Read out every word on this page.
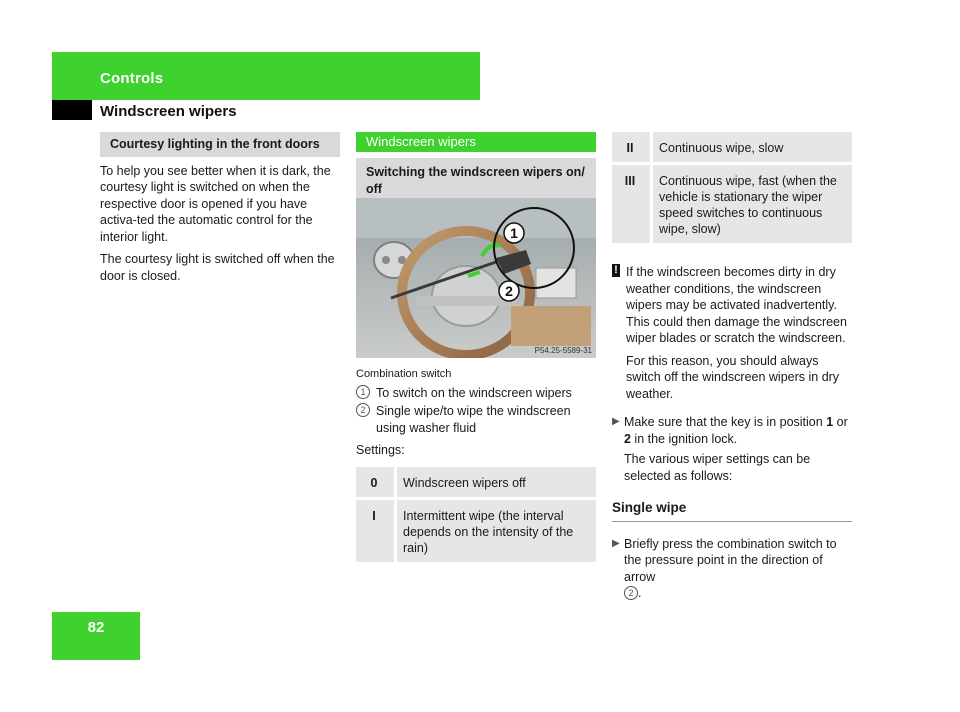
Controls
Windscreen wipers
Courtesy lighting in the front doors

To help you see better when it is dark, the courtesy light is switched on when the respective door is opened if you have activa-ted the automatic control for the interior light.

The courtesy light is switched off when the door is closed.

Windscreen wipers
Switching the windscreen wipers on/ off
1
2
P54.25-5589-31
Combination switch
1 To switch on the windscreen wipers
2 Single wipe/to wipe the windscreen using washer fluid
Settings:
0	Windscreen wipers off
I	Intermittent wipe (the interval depends on the intensity of the rain)
II	Continuous wipe, slow
III	Continuous wipe, fast (when the vehicle is stationary the wiper speed switches to continuous wipe, slow)
! If the windscreen becomes dirty in dry weather conditions, the windscreen wipers may be activated inadvertently. This could then damage the windscreen wiper blades or scratch the windscreen.

For this reason, you should always switch off the windscreen wipers in dry weather.

▶ Make sure that the key is in position 1 or
2 in the ignition lock.

The various wiper settings can be selected as follows:

Single wipe
▶ Briefly press the combination switch to the pressure point in the direction of arrow
2 .
82
